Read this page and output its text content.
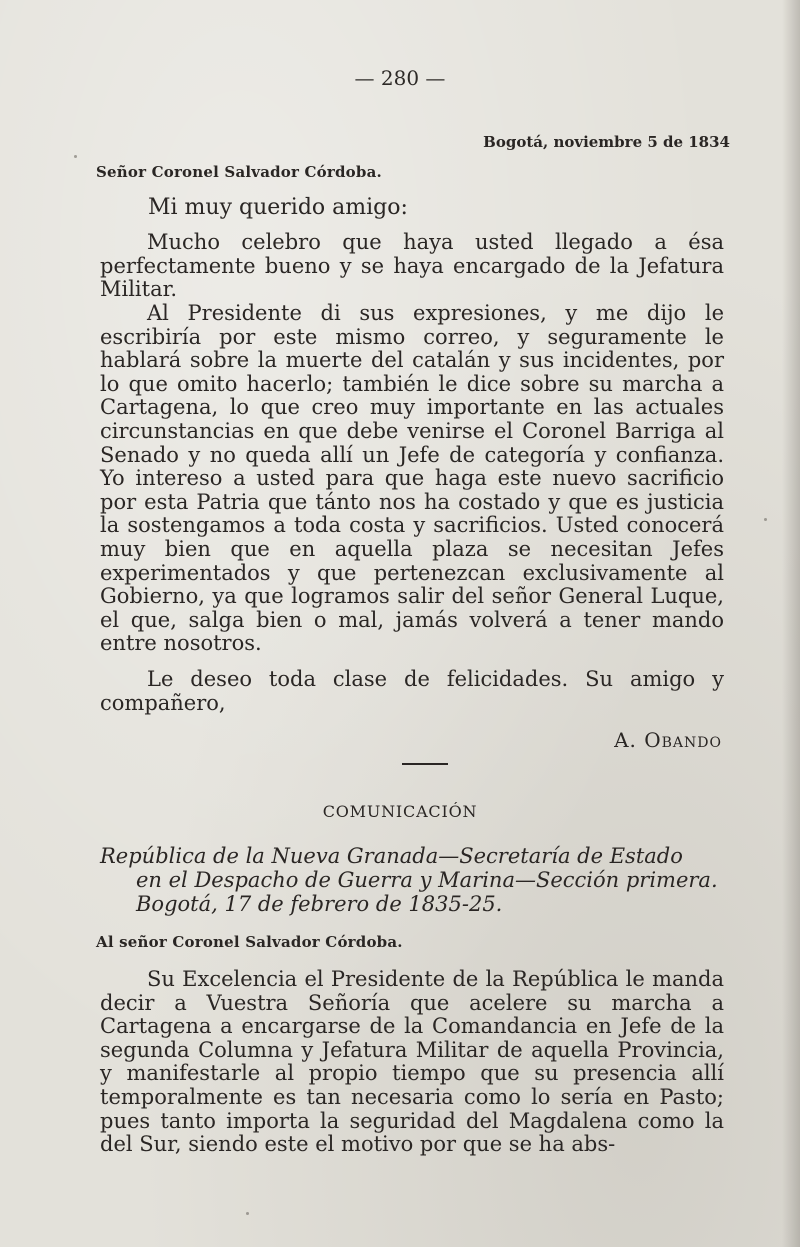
— 280 —
Bogotá, noviembre 5 de 1834
Señor Coronel Salvador Córdoba.
Mi muy querido amigo:

Mucho celebro que haya usted llegado a ésa perfectamente bueno y se haya encargado de la Jefatura Militar.

Al Presidente di sus expresiones, y me dijo le escribiría por este mismo correo, y seguramente le hablará sobre la muerte del catalán y sus incidentes, por lo que omito hacerlo; también le dice sobre su marcha a Cartagena, lo que creo muy importante en las actuales circunstancias en que debe venirse el Coronel Barriga al Senado y no queda allí un Jefe de categoría y confianza. Yo intereso a usted para que haga este nuevo sacrificio por esta Patria que tánto nos ha costado y que es justicia la sostengamos a toda costa y sacrificios. Usted conocerá muy bien que en aquella plaza se necesitan Jefes experimentados y que pertenezcan exclusivamente al Gobierno, ya que logramos salir del señor General Luque, el que, salga bien o mal, jamás volverá a tener mando entre nosotros.

Le deseo toda clase de felicidades. Su amigo y compañero,

A. Obando
COMUNICACIÓN
República de la Nueva Granada—Secretaría de Estado
en el Despacho de Guerra y Marina—Sección primera.
Bogotá, 17 de febrero de 1835-25.
Al señor Coronel Salvador Córdoba.

Su Excelencia el Presidente de la República le manda decir a Vuestra Señoría que acelere su marcha a Cartagena a encargarse de la Comandancia en Jefe de la segunda Columna y Jefatura Militar de aquella Provincia, y manifestarle al propio tiempo que su presencia allí temporalmente es tan necesaria como lo sería en Pasto; pues tanto importa la seguridad del Magdalena como la del Sur, siendo este el motivo por que se ha abs-
